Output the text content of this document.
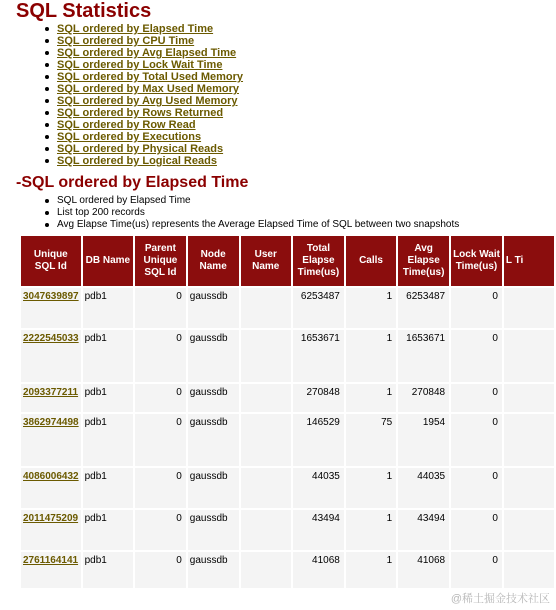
SQL Statistics
SQL ordered by Elapsed Time
SQL ordered by CPU Time
SQL ordered by Avg Elapsed Time
SQL ordered by Lock Wait Time
SQL ordered by Total Used Memory
SQL ordered by Max Used Memory
SQL ordered by Avg Used Memory
SQL ordered by Rows Returned
SQL ordered by Row Read
SQL ordered by Executions
SQL ordered by Physical Reads
SQL ordered by Logical Reads
-SQL ordered by Elapsed Time
SQL ordered by Elapsed Time
List top 200 records
Avg Elapse Time(us) represents the Average Elapsed Time of SQL between two snapshots
Unique SQL Id	DB Name	Parent Unique SQL Id	Node Name	User Name	Total Elapse Time(us)	Calls	Avg Elapse Time(us)	Lock Wait Time(us)	L Ti
3047639897	pdb1	0	gaussdb		6253487	1	6253487	0	
2222545033	pdb1	0	gaussdb		1653671	1	1653671	0	
2093377211	pdb1	0	gaussdb		270848	1	270848	0	
3862974498	pdb1	0	gaussdb		146529	75	1954	0	
4086006432	pdb1	0	gaussdb		44035	1	44035	0	
2011475209	pdb1	0	gaussdb		43494	1	43494	0	
2761164141	pdb1	0	gaussdb		41068	1	41068	0	
@稀土掘金技术社区
